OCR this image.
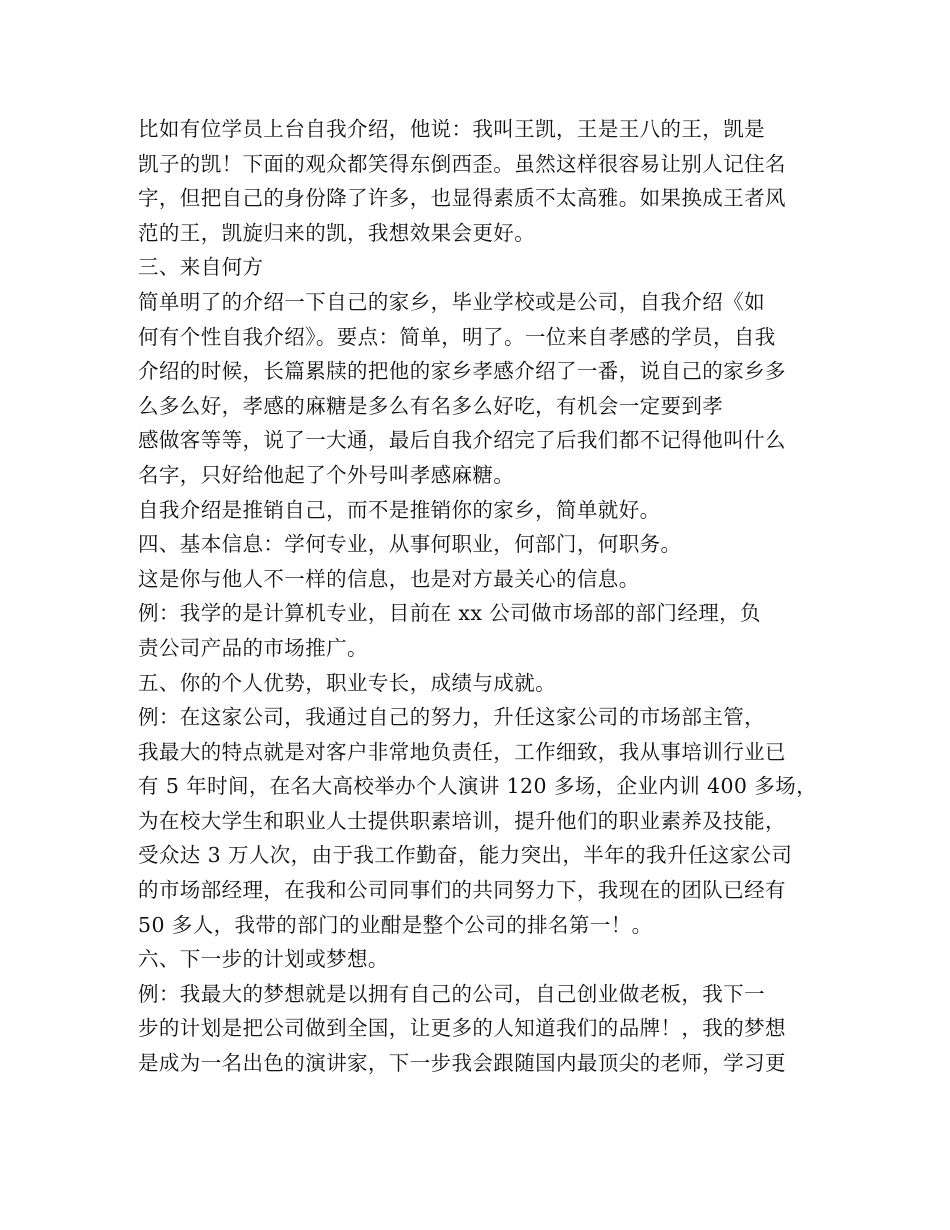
比如有位学员上台自我介绍，他说：我叫王凯，王是王八的王，凯是
凯子的凯！下面的观众都笑得东倒西歪。虽然这样很容易让别人记住名
字，但把自己的身份降了许多，也显得素质不太高雅。如果换成王者风
范的王，凯旋归来的凯，我想效果会更好。
三、来自何方
简单明了的介绍一下自己的家乡，毕业学校或是公司，自我介绍《如
何有个性自我介绍》。要点：简单，明了。一位来自孝感的学员，自我
介绍的时候，长篇累牍的把他的家乡孝感介绍了一番，说自己的家乡多
么多么好，孝感的麻糖是多么有名多么好吃，有机会一定要到孝
感做客等等，说了一大通，最后自我介绍完了后我们都不记得他叫什么
名字，只好给他起了个外号叫孝感麻糖。
自我介绍是推销自己，而不是推销你的家乡，简单就好。
四、基本信息：学何专业，从事何职业，何部门，何职务。
这是你与他人不一样的信息，也是对方最关心的信息。
例：我学的是计算机专业，目前在 xx 公司做市场部的部门经理，负
责公司产品的市场推广。
五、你的个人优势，职业专长，成绩与成就。
例：在这家公司，我通过自己的努力，升任这家公司的市场部主管，
我最大的特点就是对客户非常地负责任，工作细致，我从事培训行业已
有 5 年时间，在名大高校举办个人演讲 120 多场，企业内训 400 多场，
为在校大学生和职业人士提供职素培训，提升他们的职业素养及技能，
受众达 3 万人次，由于我工作勤奋，能力突出，半年的我升任这家公司
的市场部经理，在我和公司同事们的共同努力下，我现在的团队已经有
50 多人，我带的部门的业酣是整个公司的排名第一！。
六、下一步的计划或梦想。
例：我最大的梦想就是以拥有自己的公司，自己创业做老板，我下一
步的计划是把公司做到全国，让更多的人知道我们的品牌！，我的梦想
是成为一名出色的演讲家，下一步我会跟随国内最顶尖的老师，学习更
